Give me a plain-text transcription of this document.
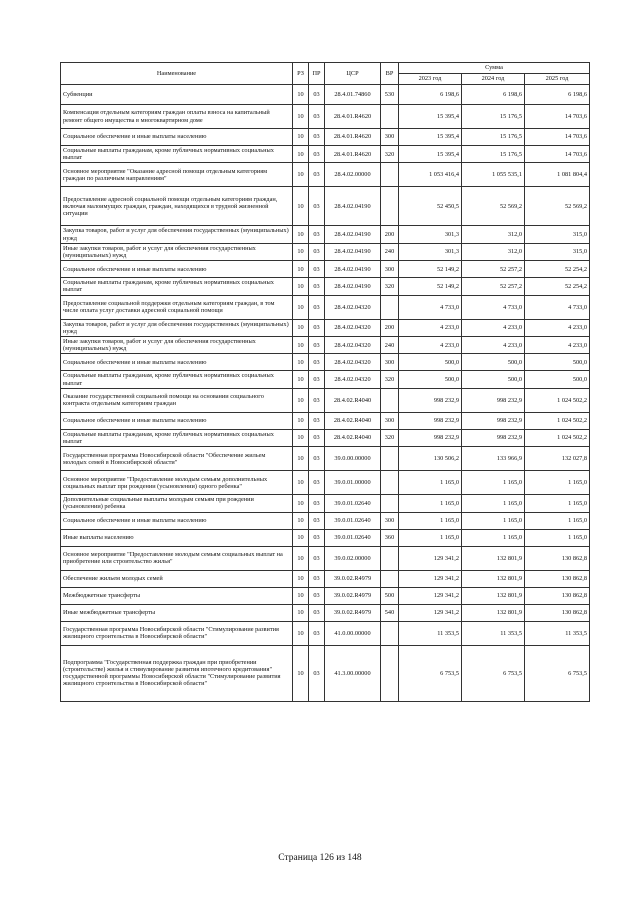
Наименование	РЗ	ПР	ЦСР	ВР	Сумма		
					2023 год	2024 год	2025 год
Субвенции	10	03	28.4.01.74860	530	6 198,6	6 198,6	6 198,6
Компенсация отдельным категориям граждан оплаты взноса на капитальный ремонт общего имущества в многоквартирном доме	10	03	28.4.01.R4620		15 395,4	15 176,5	14 703,6
Социальное обеспечение и иные выплаты населению	10	03	28.4.01.R4620	300	15 395,4	15 176,5	14 703,6
Социальные выплаты гражданам, кроме публичных нормативных социальных выплат	10	03	28.4.01.R4620	320	15 395,4	15 176,5	14 703,6
Основное мероприятие "Оказание адресной помощи отдельным категориям граждан по различным направлениям"	10	03	28.4.02.00000		1 053 416,4	1 055 535,1	1 081 804,4
Предоставление адресной социальной помощи отдельным категориям граждан, включая малоимущих граждан, граждан, находящихся в трудной жизненной ситуации	10	03	28.4.02.04190		52 450,5	52 569,2	52 569,2
Закупка товаров, работ и услуг для обеспечения государственных (муниципальных) нужд	10	03	28.4.02.04190	200	301,3	312,0	315,0
Иные закупки товаров, работ и услуг для обеспечения государственных (муниципальных) нужд	10	03	28.4.02.04190	240	301,3	312,0	315,0
Социальное обеспечение и иные выплаты населению	10	03	28.4.02.04190	300	52 149,2	52 257,2	52 254,2
Социальные выплаты гражданам, кроме публичных нормативных социальных выплат	10	03	28.4.02.04190	320	52 149,2	52 257,2	52 254,2
Предоставление социальной поддержки отдельным категориям граждан, в том числе оплата услуг доставки адресной социальной помощи	10	03	28.4.02.04320		4 733,0	4 733,0	4 733,0
Закупка товаров, работ и услуг для обеспечения государственных (муниципальных) нужд	10	03	28.4.02.04320	200	4 233,0	4 233,0	4 233,0
Иные закупки товаров, работ и услуг для обеспечения государственных (муниципальных) нужд	10	03	28.4.02.04320	240	4 233,0	4 233,0	4 233,0
Социальное обеспечение и иные выплаты населению	10	03	28.4.02.04320	300	500,0	500,0	500,0
Социальные выплаты гражданам, кроме публичных нормативных социальных выплат	10	03	28.4.02.04320	320	500,0	500,0	500,0
Оказание государственной социальной помощи на основании социального контракта отдельным категориям граждан	10	03	28.4.02.R4040		998 232,9	998 232,9	1 024 502,2
Социальное обеспечение и иные выплаты населению	10	03	28.4.02.R4040	300	998 232,9	998 232,9	1 024 502,2
Социальные выплаты гражданам, кроме публичных нормативных социальных выплат	10	03	28.4.02.R4040	320	998 232,9	998 232,9	1 024 502,2
Государственная программа Новосибирской области "Обеспечение жильем молодых семей в Новосибирской области"	10	03	39.0.00.00000		130 506,2	133 966,9	132 027,8
Основное мероприятие "Предоставление молодым семьям дополнительных социальных выплат при рождении (усыновлении) одного ребенка"	10	03	39.0.01.00000		1 165,0	1 165,0	1 165,0
Дополнительные социальные выплаты молодым семьям при рождении (усыновлении) ребенка	10	03	39.0.01.02640		1 165,0	1 165,0	1 165,0
Социальное обеспечение и иные выплаты населению	10	03	39.0.01.02640	300	1 165,0	1 165,0	1 165,0
Иные выплаты населению	10	03	39.0.01.02640	360	1 165,0	1 165,0	1 165,0
Основное мероприятие "Предоставление молодым семьям социальных выплат на приобретение или строительство жилья"	10	03	39.0.02.00000		129 341,2	132 801,9	130 862,8
Обеспечение жильем молодых семей	10	03	39.0.02.R4979		129 341,2	132 801,9	130 862,8
Межбюджетные трансферты	10	03	39.0.02.R4979	500	129 341,2	132 801,9	130 862,8
Иные межбюджетные трансферты	10	03	39.0.02.R4979	540	129 341,2	132 801,9	130 862,8
Государственная программа Новосибирской области "Стимулирование развития жилищного строительства в Новосибирской области"	10	03	41.0.00.00000		11 353,5	11 353,5	11 353,5
Подпрограмма "Государственная поддержка граждан при приобретении (строительстве) жилья и стимулирование развития ипотечного кредитования" государственной программы Новосибирской области "Стимулирование развития жилищного строительства в Новосибирской области"	10	03	41.3.00.00000		6 753,5	6 753,5	6 753,5
Страница 126 из 148
